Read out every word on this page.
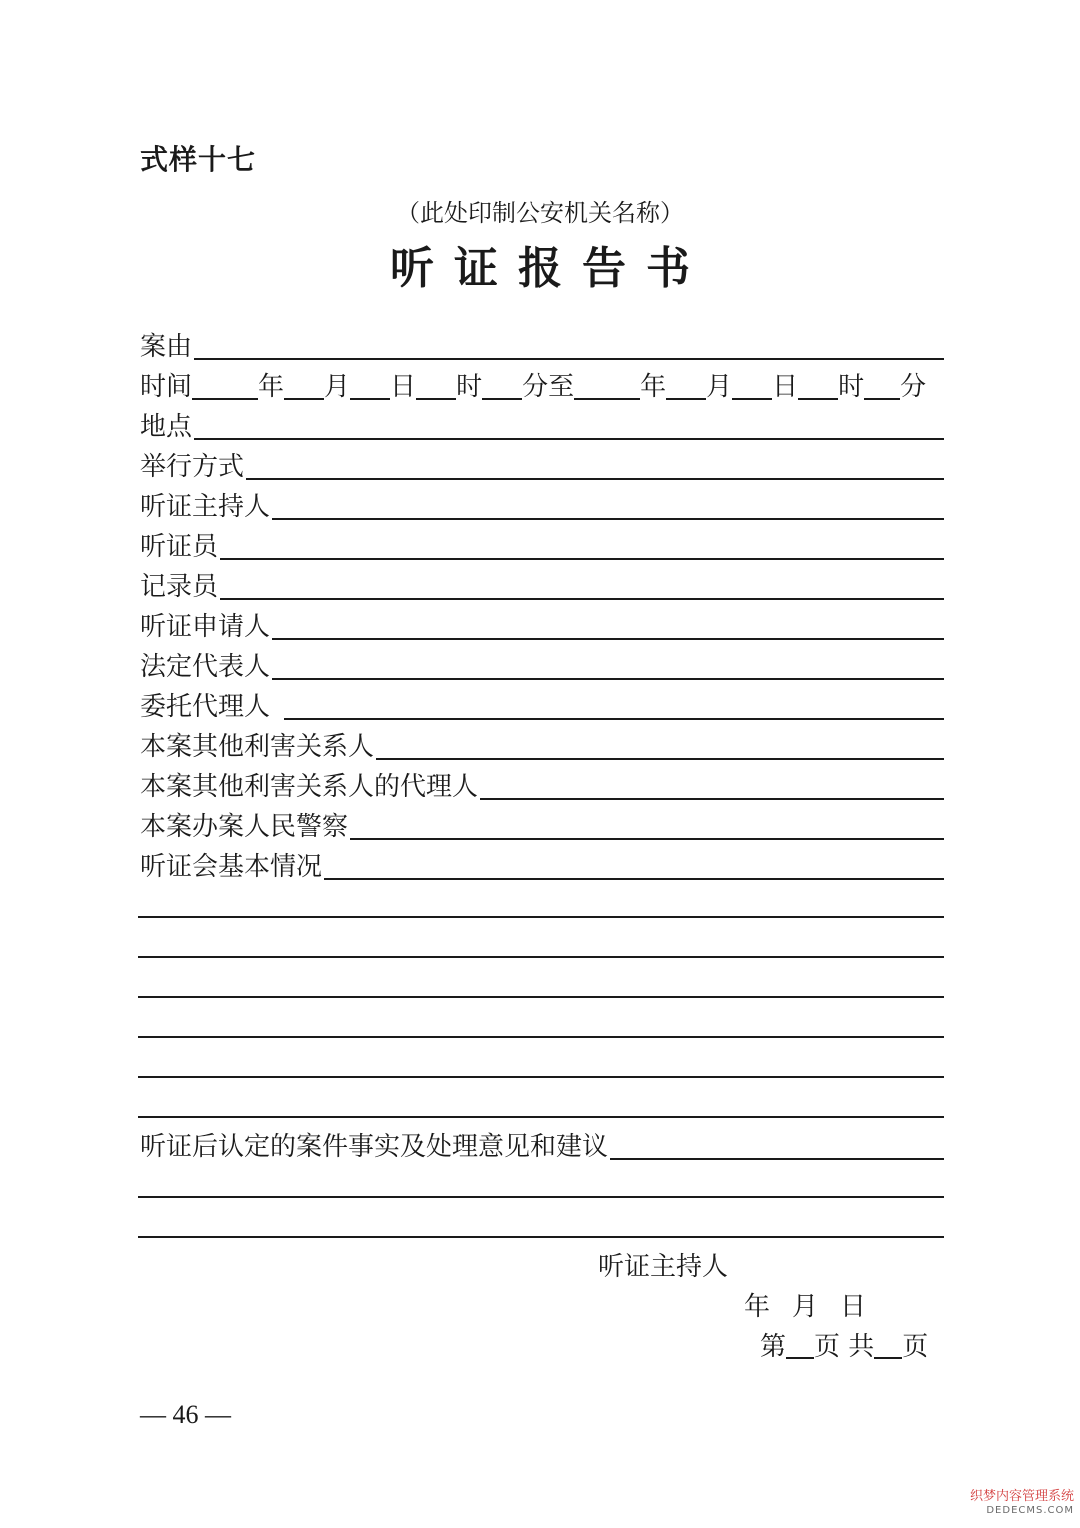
式样十七
（此处印制公安机关名称）
听证报告书
案由
时间	年 月 日 时 分至	年 月 日 时 分
地点
举行方式
听证主持人
听证员
记录员
听证申请人
法定代表人
委托代理人
本案其他利害关系人
本案其他利害关系人的代理人
本案办案人民警察
听证会基本情况
听证后认定的案件事实及处理意见和建议
听证主持人
年 月 日
第 页 共 页
— 46 —
织梦内容管理系统
DEDECMS.COM
